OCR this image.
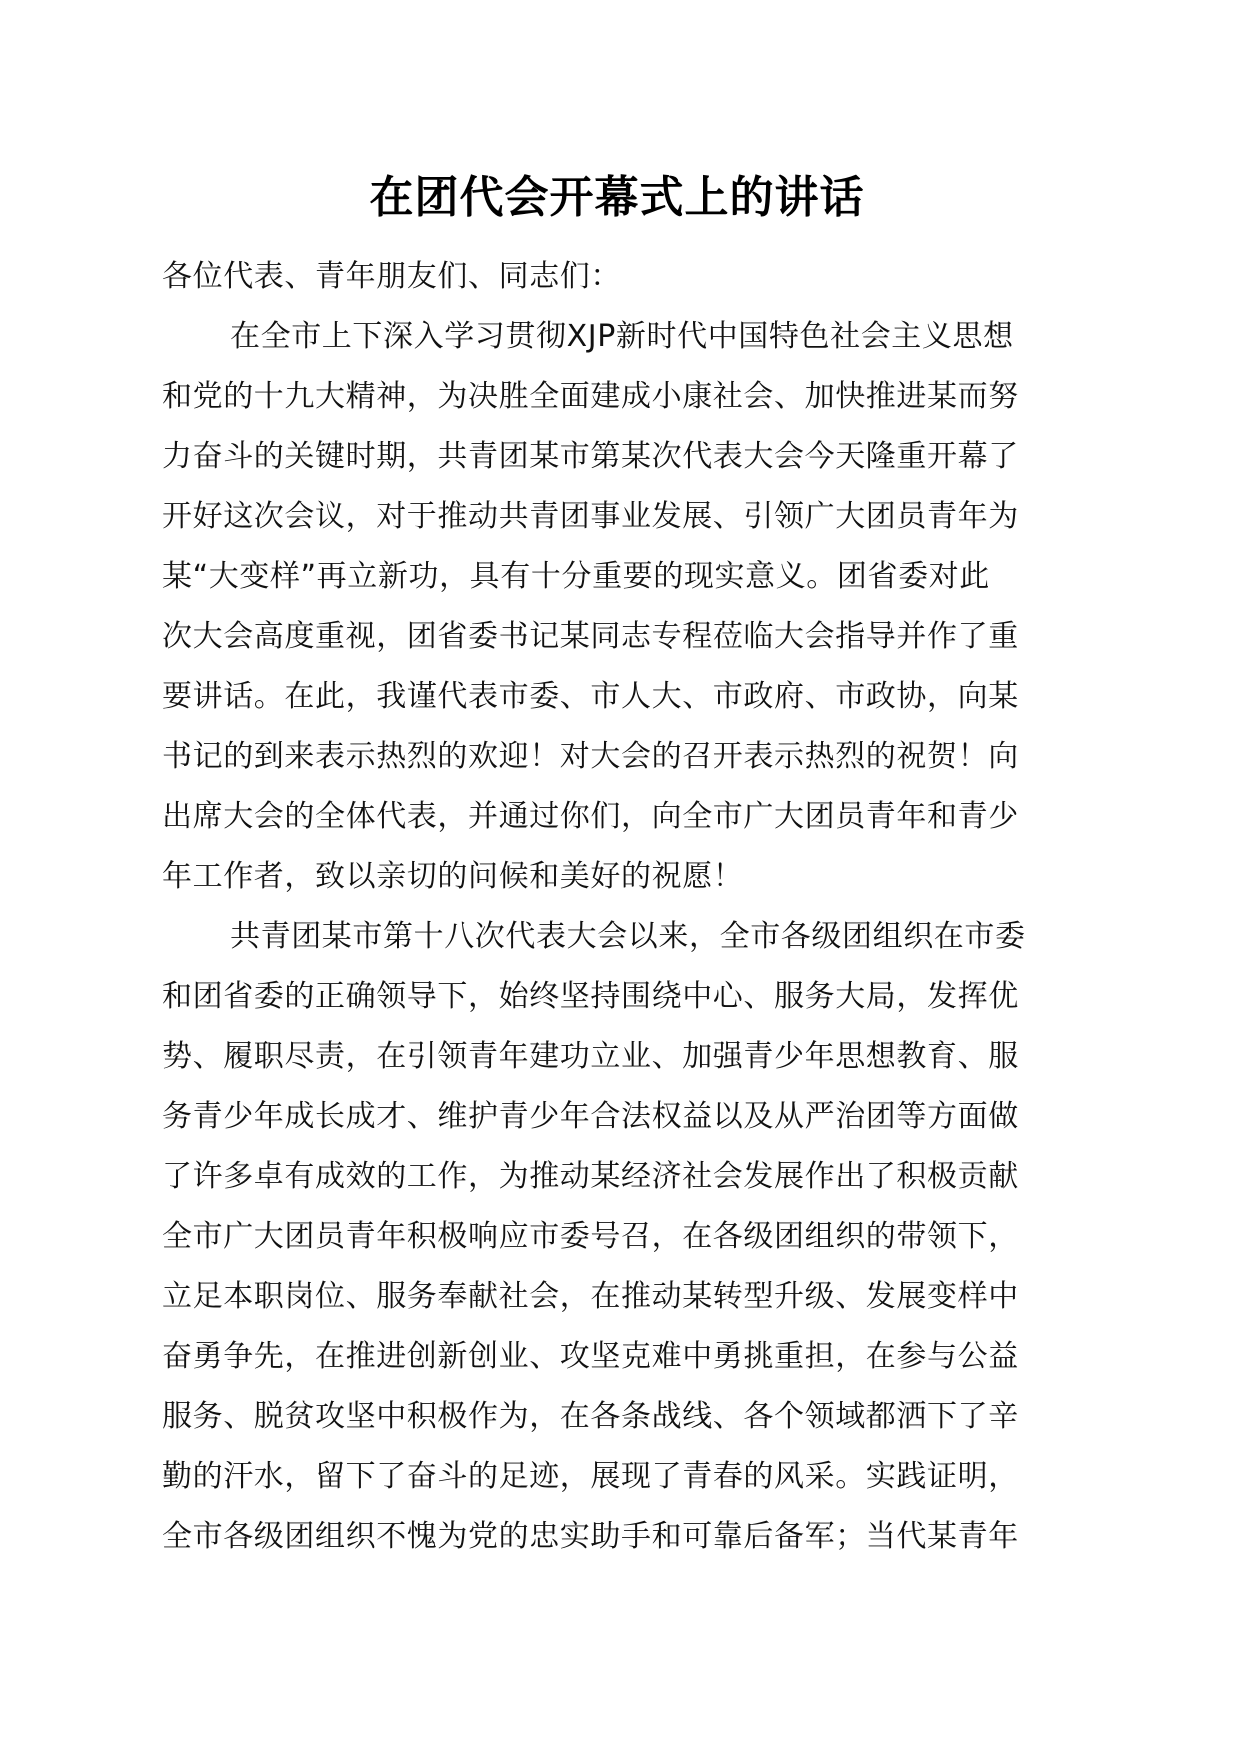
在团代会开幕式上的讲话
各位代表、青年朋友们、同志们：
在全市上下深入学习贯彻XJP新时代中国特色社会主义思想
和党的十九大精神，为决胜全面建成小康社会、加快推进某而努
力奋斗的关键时期，共青团某市第某次代表大会今天隆重开幕了
开好这次会议，对于推动共青团事业发展、引领广大团员青年为
某“大变样”再立新功，具有十分重要的现实意义。团省委对此
次大会高度重视，团省委书记某同志专程莅临大会指导并作了重
要讲话。在此，我谨代表市委、市人大、市政府、市政协，向某
书记的到来表示热烈的欢迎！对大会的召开表示热烈的祝贺！向
出席大会的全体代表，并通过你们，向全市广大团员青年和青少
年工作者，致以亲切的问候和美好的祝愿！
共青团某市第十八次代表大会以来，全市各级团组织在市委
和团省委的正确领导下，始终坚持围绕中心、服务大局，发挥优
势、履职尽责，在引领青年建功立业、加强青少年思想教育、服
务青少年成长成才、维护青少年合法权益以及从严治团等方面做
了许多卓有成效的工作，为推动某经济社会发展作出了积极贡献
全市广大团员青年积极响应市委号召，在各级团组织的带领下，
立足本职岗位、服务奉献社会，在推动某转型升级、发展变样中
奋勇争先，在推进创新创业、攻坚克难中勇挑重担，在参与公益
服务、脱贫攻坚中积极作为，在各条战线、各个领域都洒下了辛
勤的汗水，留下了奋斗的足迹，展现了青春的风采。实践证明，
全市各级团组织不愧为党的忠实助手和可靠后备军；当代某青年
